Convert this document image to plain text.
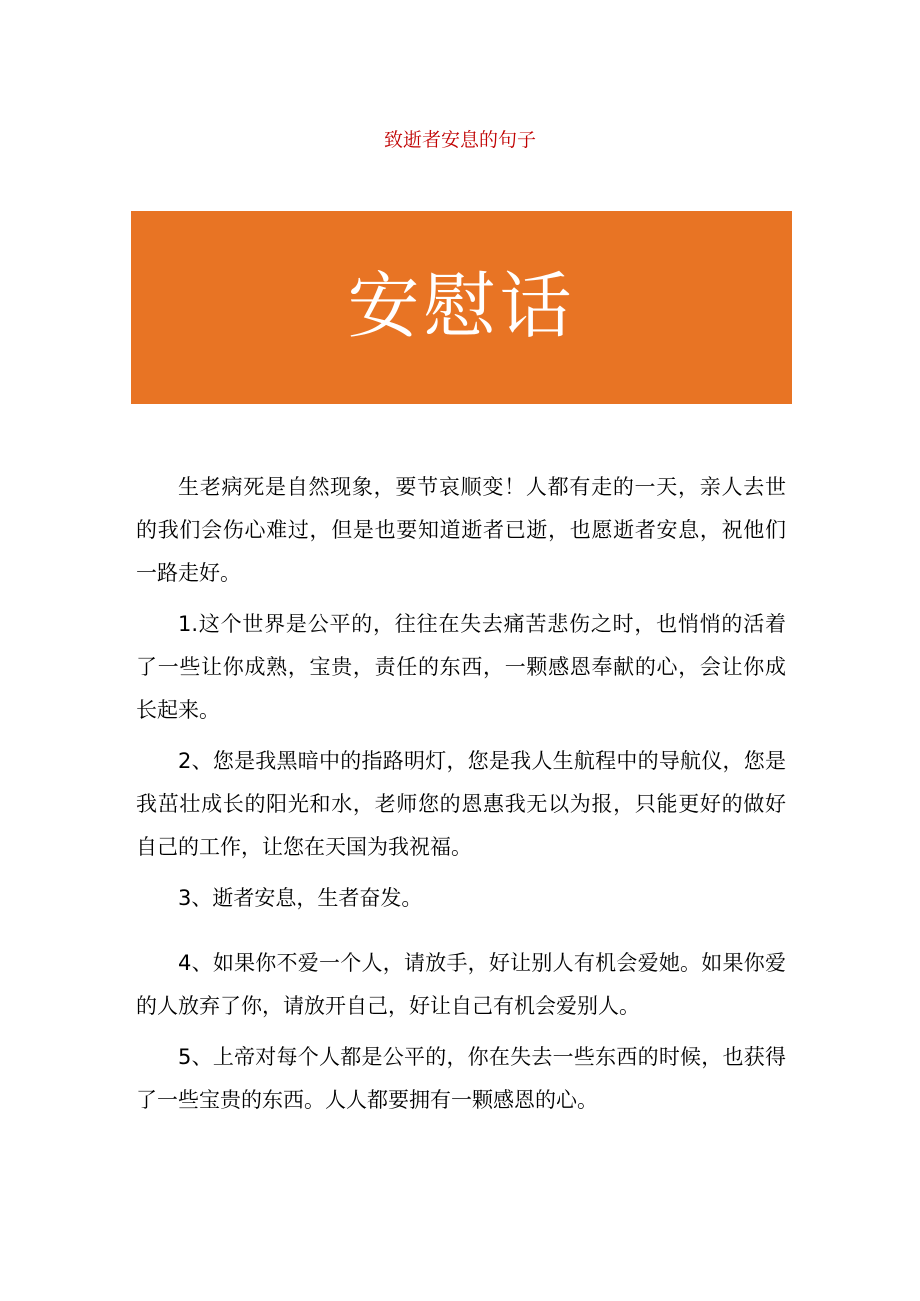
致逝者安息的句子
安慰话

生老病死是自然现象，要节哀顺变！人都有走的一天，亲人去世的我们会伤心难过，但是也要知道逝者已逝，也愿逝者安息，祝他们一路走好。

1.这个世界是公平的，往往在失去痛苦悲伤之时，也悄悄的活着了一些让你成熟，宝贵，责任的东西，一颗感恩奉献的心，会让你成长起来。

2、您是我黑暗中的指路明灯，您是我人生航程中的导航仪，您是我茁壮成长的阳光和水，老师您的恩惠我无以为报，只能更好的做好自己的工作，让您在天国为我祝福。

3、逝者安息，生者奋发。

4、如果你不爱一个人，请放手，好让别人有机会爱她。如果你爱的人放弃了你，请放开自己，好让自己有机会爱别人。

5、上帝对每个人都是公平的，你在失去一些东西的时候，也获得了一些宝贵的东西。人人都要拥有一颗感恩的心。
